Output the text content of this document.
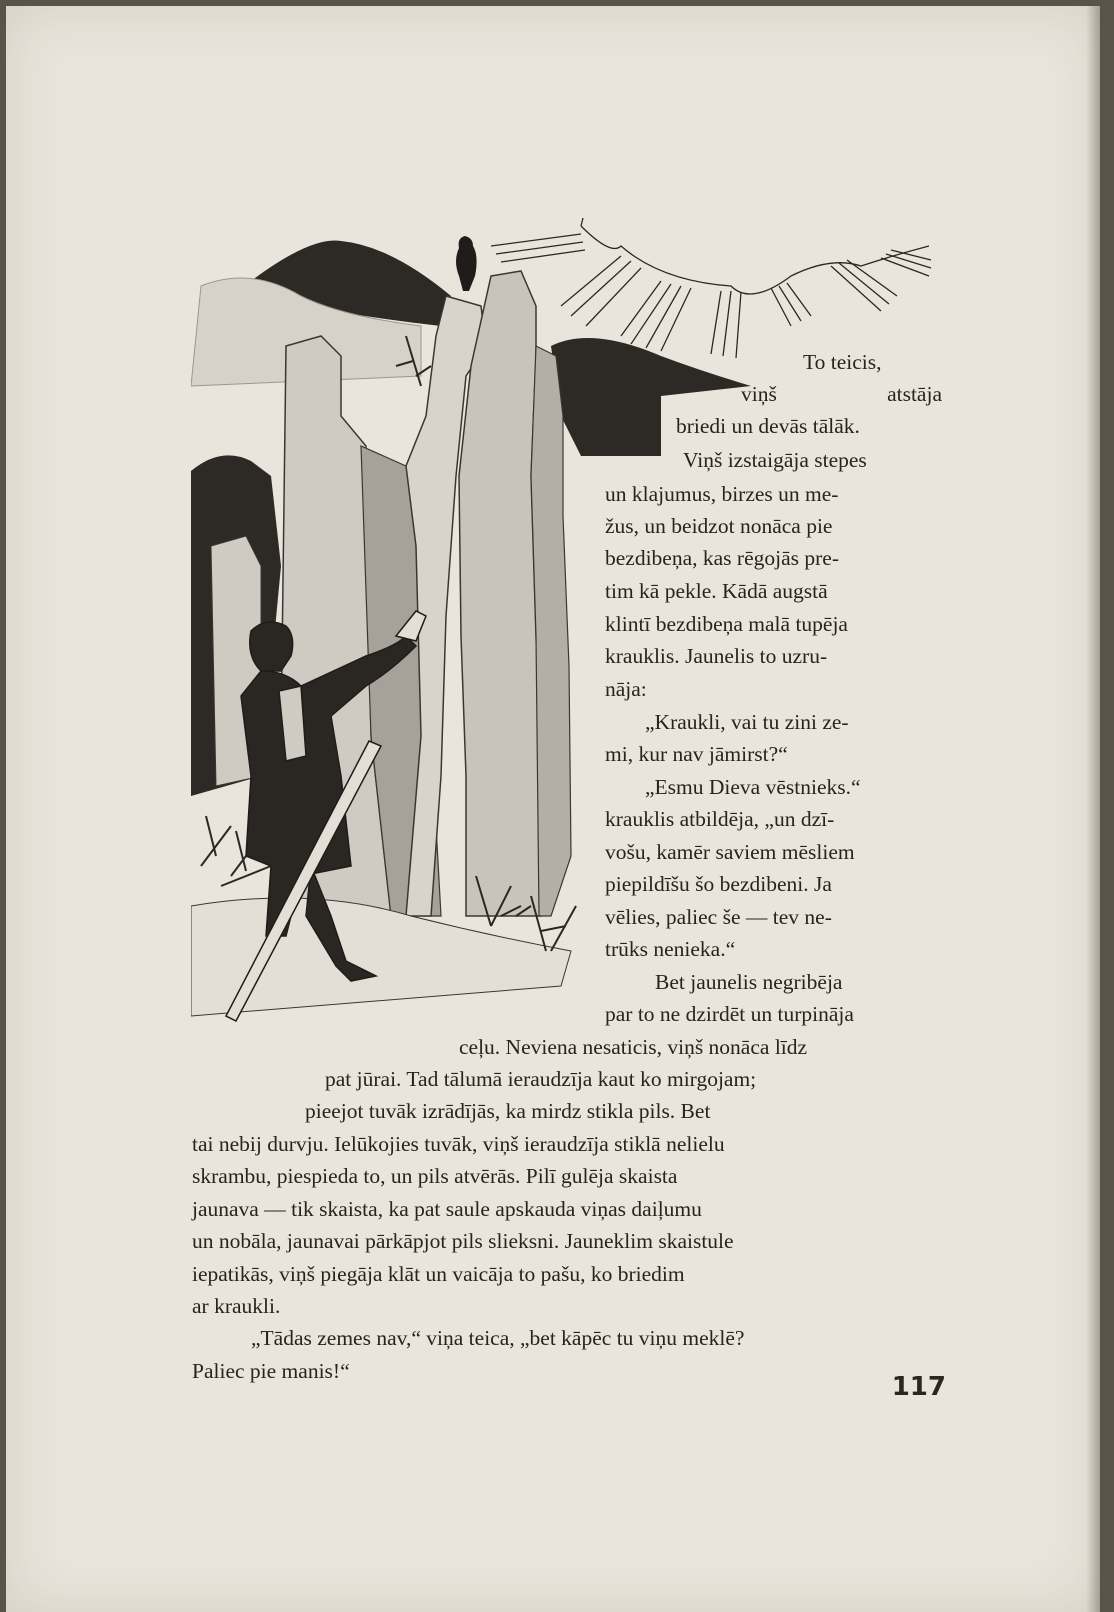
To teicis,
viņš	atstāja
briedi un devās tālāk.
Viņš izstaigāja stepes
un klajumus, birzes un me-
žus, un beidzot nonāca pie
bezdibeņa, kas rēgojās pre-
tim kā pekle. Kādā augstā
klintī bezdibeņa malā tupēja
krauklis. Jaunelis to uzru-
nāja:
„Kraukli, vai tu zini ze-
mi, kur nav jāmirst?“
„Esmu Dieva vēstnieks.“
krauklis atbildēja, „un dzī-
vošu, kamēr saviem mēsliem
piepildīšu šo bezdibeni. Ja
vēlies, paliec še — tev ne-
trūks nenieka.“
Bet jaunelis negribēja
par to ne dzirdēt un turpināja
ceļu. Neviena nesaticis, viņš nonāca līdz
pat jūrai. Tad tālumā ieraudzīja kaut ko mirgojam;
pieejot tuvāk izrādījās, ka mirdz stikla pils. Bet
tai nebij durvju. Ielūkojies tuvāk, viņš ieraudzīja stiklā nelielu
skrambu, piespieda to, un pils atvērās. Pilī gulēja skaista
jaunava — tik skaista, ka pat saule apskauda viņas daiļumu
un nobāla, jaunavai pārkāpjot pils slieksni. Jauneklim skaistule
iepatikās, viņš piegāja klāt un vaicāja to pašu, ko briedim
ar kraukli.
„Tādas zemes nav,“ viņa teica, „bet kāpēc tu viņu meklē?
Paliec pie manis!“
117
